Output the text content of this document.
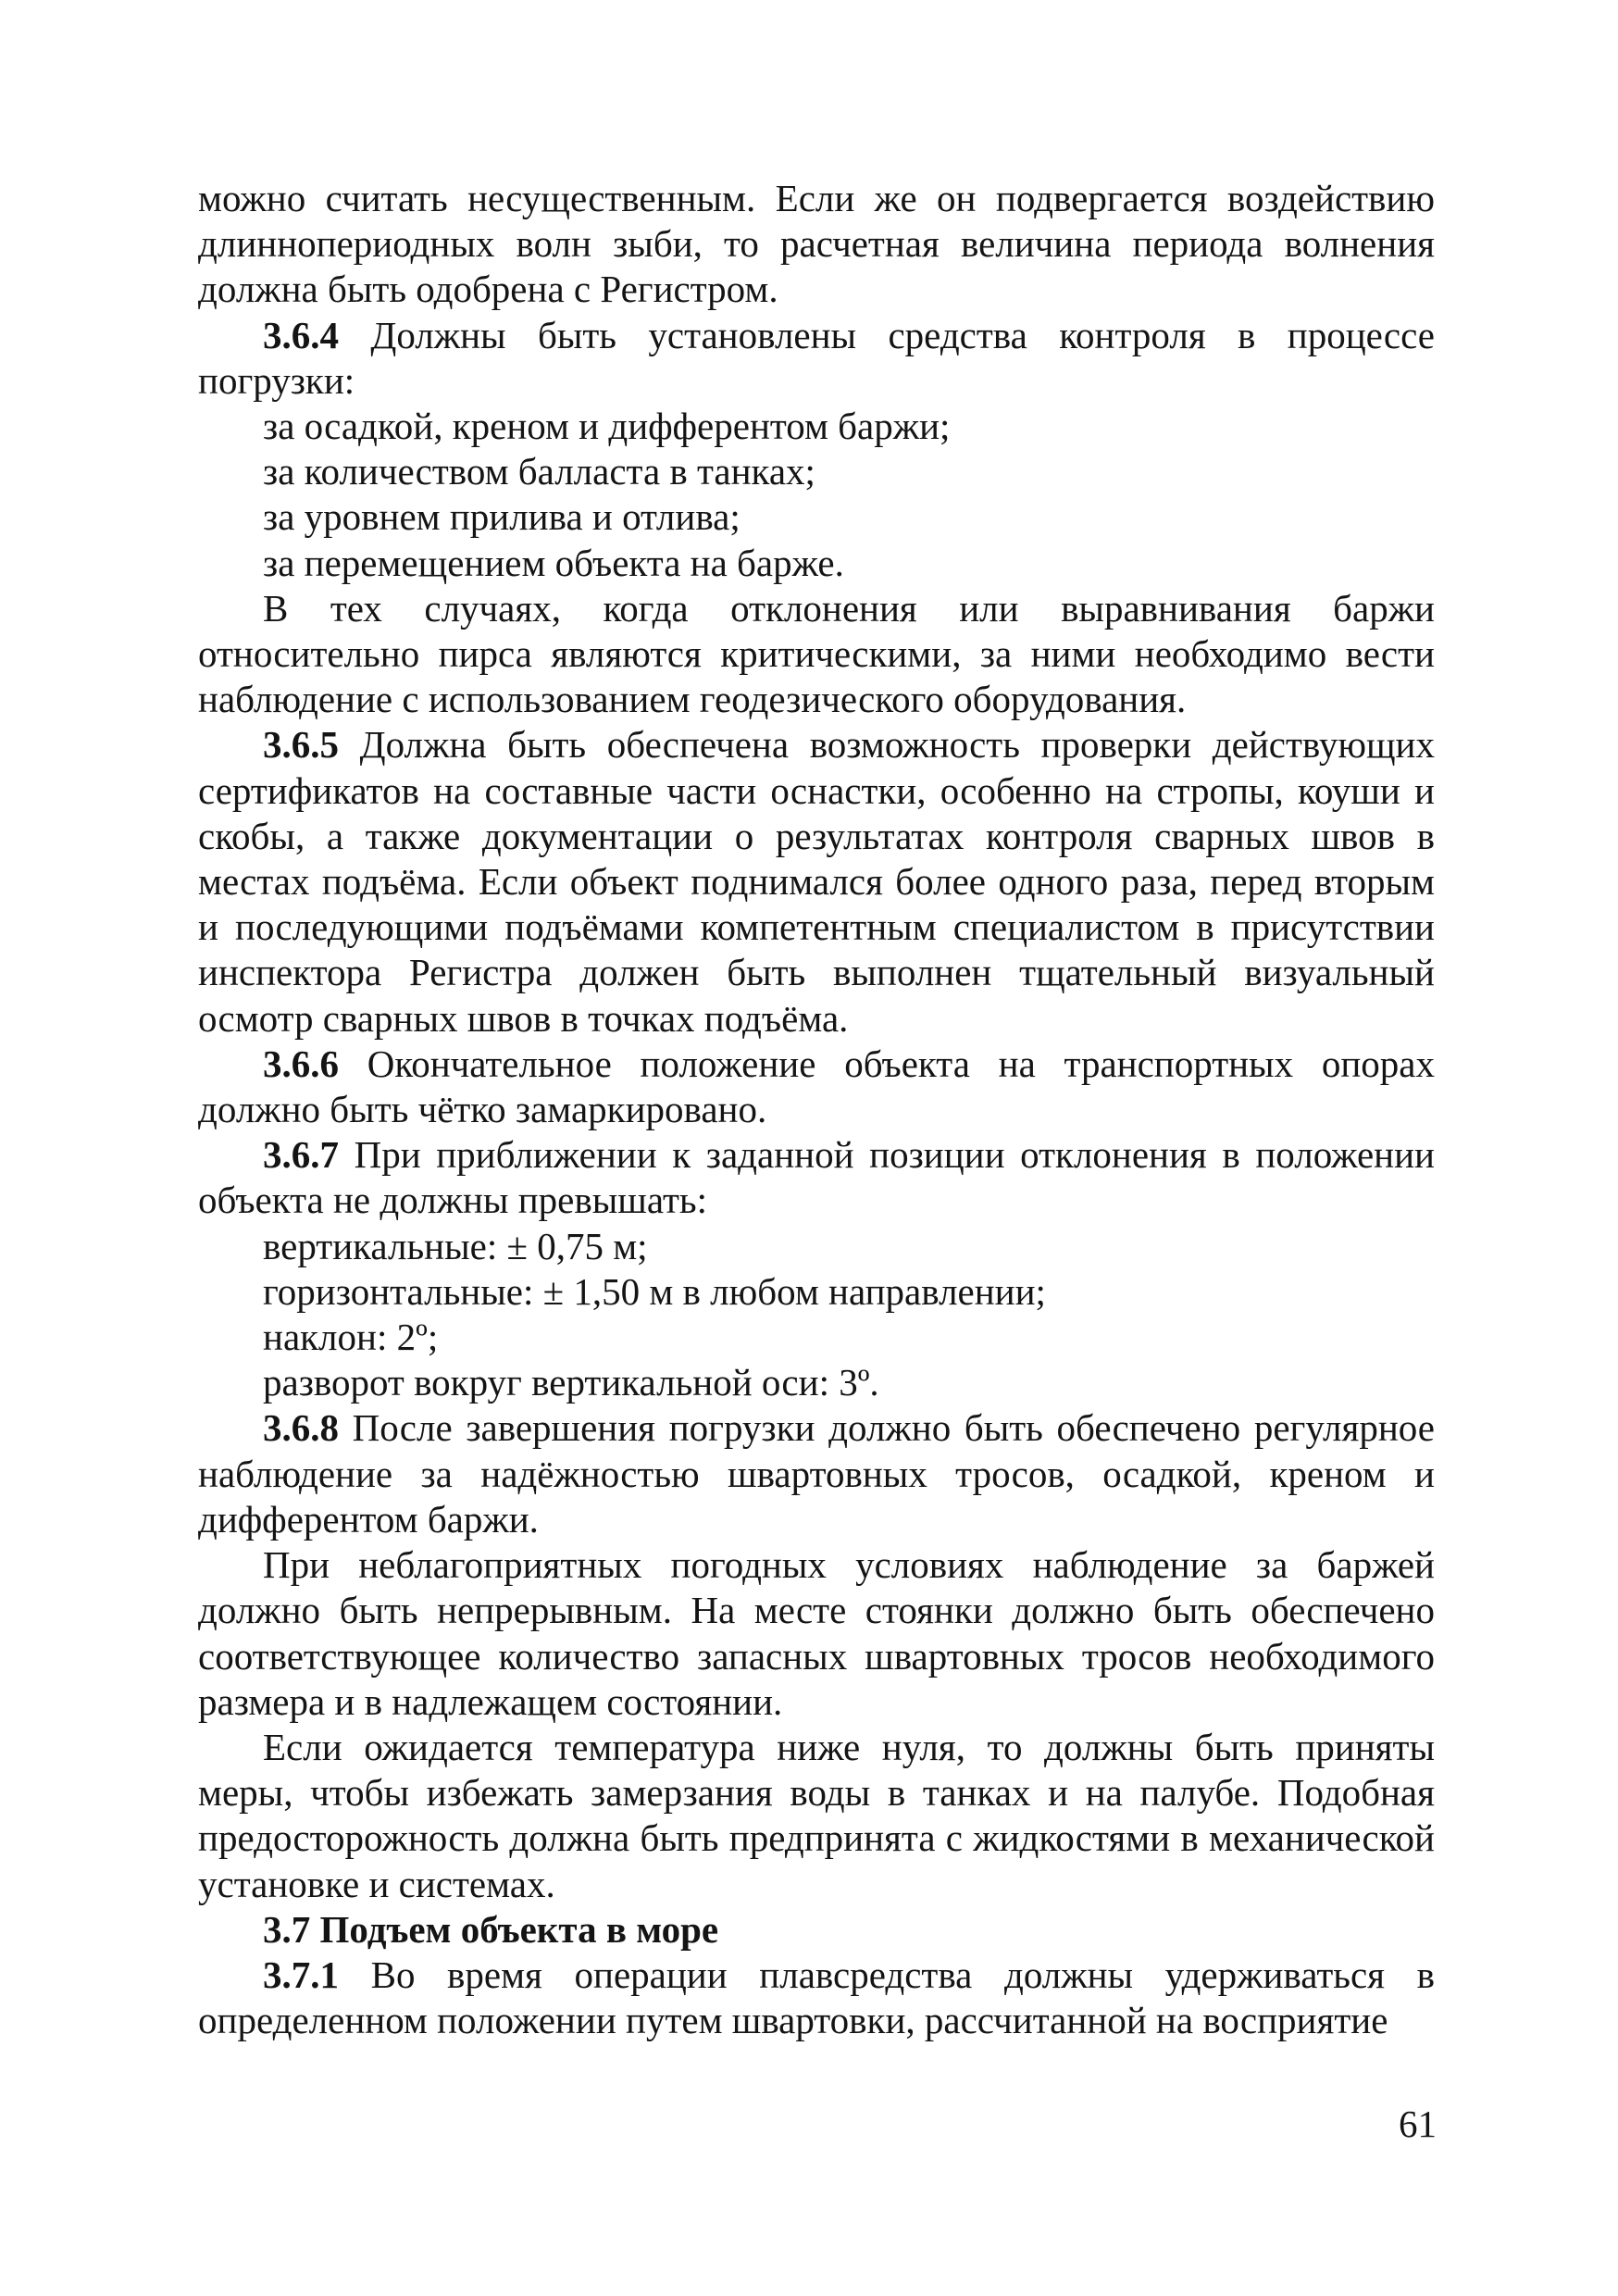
можно считать несущественным. Если же он подвергается воздействию длиннопериодных волн зыби, то расчетная величина периода волнения должна быть одобрена с Регистром.

3.6.4 Должны быть установлены средства контроля в процессе погрузки:

за осадкой, креном и дифферентом баржи;

за количеством балласта в танках;

за уровнем прилива и отлива;

за перемещением объекта на барже.

В тех случаях, когда отклонения или выравнивания баржи относительно пирса являются критическими, за ними необходимо вести наблюдение с использованием геодезического оборудования.

3.6.5 Должна быть обеспечена возможность проверки действующих сертификатов на составные части оснастки, особенно на стропы, коуши и скобы, а также документации о результатах контроля сварных швов в местах подъёма. Если объект поднимался более одного раза, перед вторым и последующими подъёмами компетентным специалистом в присутствии инспектора Регистра должен быть выполнен тщательный визуальный осмотр сварных швов в точках подъёма.

3.6.6 Окончательное положение объекта на транспортных опорах должно быть чётко замаркировано.

3.6.7 При приближении к заданной позиции отклонения в положении объекта не должны превышать:

вертикальные: ± 0,75 м;

горизонтальные: ± 1,50 м в любом направлении;

наклон: 2º;

разворот вокруг вертикальной оси: 3º.

3.6.8 После завершения погрузки должно быть обеспечено регулярное наблюдение за надёжностью швартовных тросов, осадкой, креном и дифферентом баржи.

При неблагоприятных погодных условиях наблюдение за баржей должно быть непрерывным. На месте стоянки должно быть обеспечено соответствующее количество запасных швартовных тросов необходимого размера и в надлежащем состоянии.

Если ожидается температура ниже нуля, то должны быть приняты меры, чтобы избежать замерзания воды в танках и на палубе. Подобная предосторожность должна быть предпринята с жидкостями в механической установке и системах.

3.7 Подъем объекта в море

3.7.1 Во время операции плавсредства должны удерживаться в определенном положении путем швартовки, рассчитанной на восприятие

61
